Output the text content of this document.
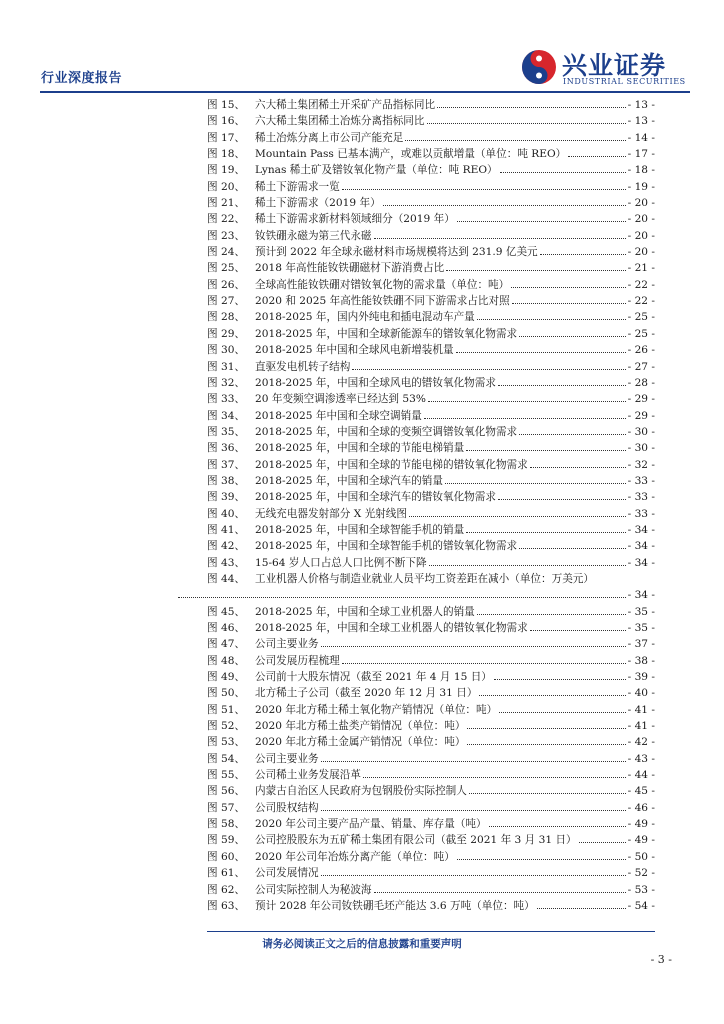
行业深度报告	兴业证券
INDUSTRIAL SECURITIES
图 15、 六大稀土集团稀土开采矿产品指标同比	- 13 -
图 16、 六大稀土集团稀土冶炼分离指标同比	- 13 -
图 17、 稀土冶炼分离上市公司产能充足	- 14 -
图 18、 Mountain Pass 已基本满产，或难以贡献增量（单位：吨 REO）	- 17 -
图 19、 Lynas 稀土矿及镨钕氧化物产量（单位：吨 REO）	- 18 -
图 20、 稀土下游需求一览	- 19 -
图 21、 稀土下游需求（2019 年）	- 20 -
图 22、 稀土下游需求新材料领域细分（2019 年）	- 20 -
图 23、 钕铁硼永磁为第三代永磁	- 20 -
图 24、 预计到 2022 年全球永磁材料市场规模将达到 231.9 亿美元	- 20 -
图 25、 2018 年高性能钕铁硼磁材下游消费占比	- 21 -
图 26、 全球高性能钕铁硼对镨钕氧化物的需求量（单位：吨）	- 22 -
图 27、 2020 和 2025 年高性能钕铁硼不同下游需求占比对照	- 22 -
图 28、 2018-2025 年，国内外纯电和插电混动车产量	- 25 -
图 29、 2018-2025 年，中国和全球新能源车的镨钕氧化物需求	- 25 -
图 30、 2018-2025 年中国和全球风电新增装机量	- 26 -
图 31、 直驱发电机转子结构	- 27 -
图 32、 2018-2025 年，中国和全球风电的镨钕氧化物需求	- 28 -
图 33、 20 年变频空调渗透率已经达到 53%	- 29 -
图 34、 2018-2025 年中国和全球空调销量	- 29 -
图 35、 2018-2025 年，中国和全球的变频空调镨钕氧化物需求	- 30 -
图 36、 2018-2025 年，中国和全球的节能电梯销量	- 30 -
图 37、 2018-2025 年，中国和全球的节能电梯的镨钕氧化物需求	- 32 -
图 38、 2018-2025 年，中国和全球汽车的销量	- 33 -
图 39、 2018-2025 年，中国和全球汽车的镨钕氧化物需求	- 33 -
图 40、 无线充电器发射部分 X 光射线图	- 33 -
图 41、 2018-2025 年，中国和全球智能手机的销量	- 34 -
图 42、 2018-2025 年，中国和全球智能手机的镨钕氧化物需求	- 34 -
图 43、 15-64 岁人口占总人口比例不断下降	- 34 -
图 44、 工业机器人价格与制造业就业人员平均工资差距在减小（单位：万美元）
- 34 -
图 45、 2018-2025 年，中国和全球工业机器人的销量	- 35 -
图 46、 2018-2025 年，中国和全球工业机器人的镨钕氧化物需求	- 35 -
图 47、 公司主要业务	- 37 -
图 48、 公司发展历程梳理	- 38 -
图 49、 公司前十大股东情况（截至 2021 年 4 月 15 日）	- 39 -
图 50、 北方稀土子公司（截至 2020 年 12 月 31 日）	- 40 -
图 51、 2020 年北方稀土稀土氧化物产销情况（单位：吨）	- 41 -
图 52、 2020 年北方稀土盐类产销情况（单位：吨）	- 41 -
图 53、 2020 年北方稀土金属产销情况（单位：吨）	- 42 -
图 54、 公司主要业务	- 43 -
图 55、 公司稀土业务发展沿革	- 44 -
图 56、 内蒙古自治区人民政府为包钢股份实际控制人	- 45 -
图 57、 公司股权结构	- 46 -
图 58、 2020 年公司主要产品产量、销量、库存量（吨）	- 49 -
图 59、 公司控股股东为五矿稀土集团有限公司（截至 2021 年 3 月 31 日）	- 49 -
图 60、 2020 年公司年冶炼分离产能（单位：吨）	- 50 -
图 61、 公司发展情况	- 52 -
图 62、 公司实际控制人为秘波海	- 53 -
图 63、 预计 2028 年公司钕铁硼毛坯产能达 3.6 万吨（单位：吨）	- 54 -
请务必阅读正文之后的信息披露和重要声明
- 3 -
